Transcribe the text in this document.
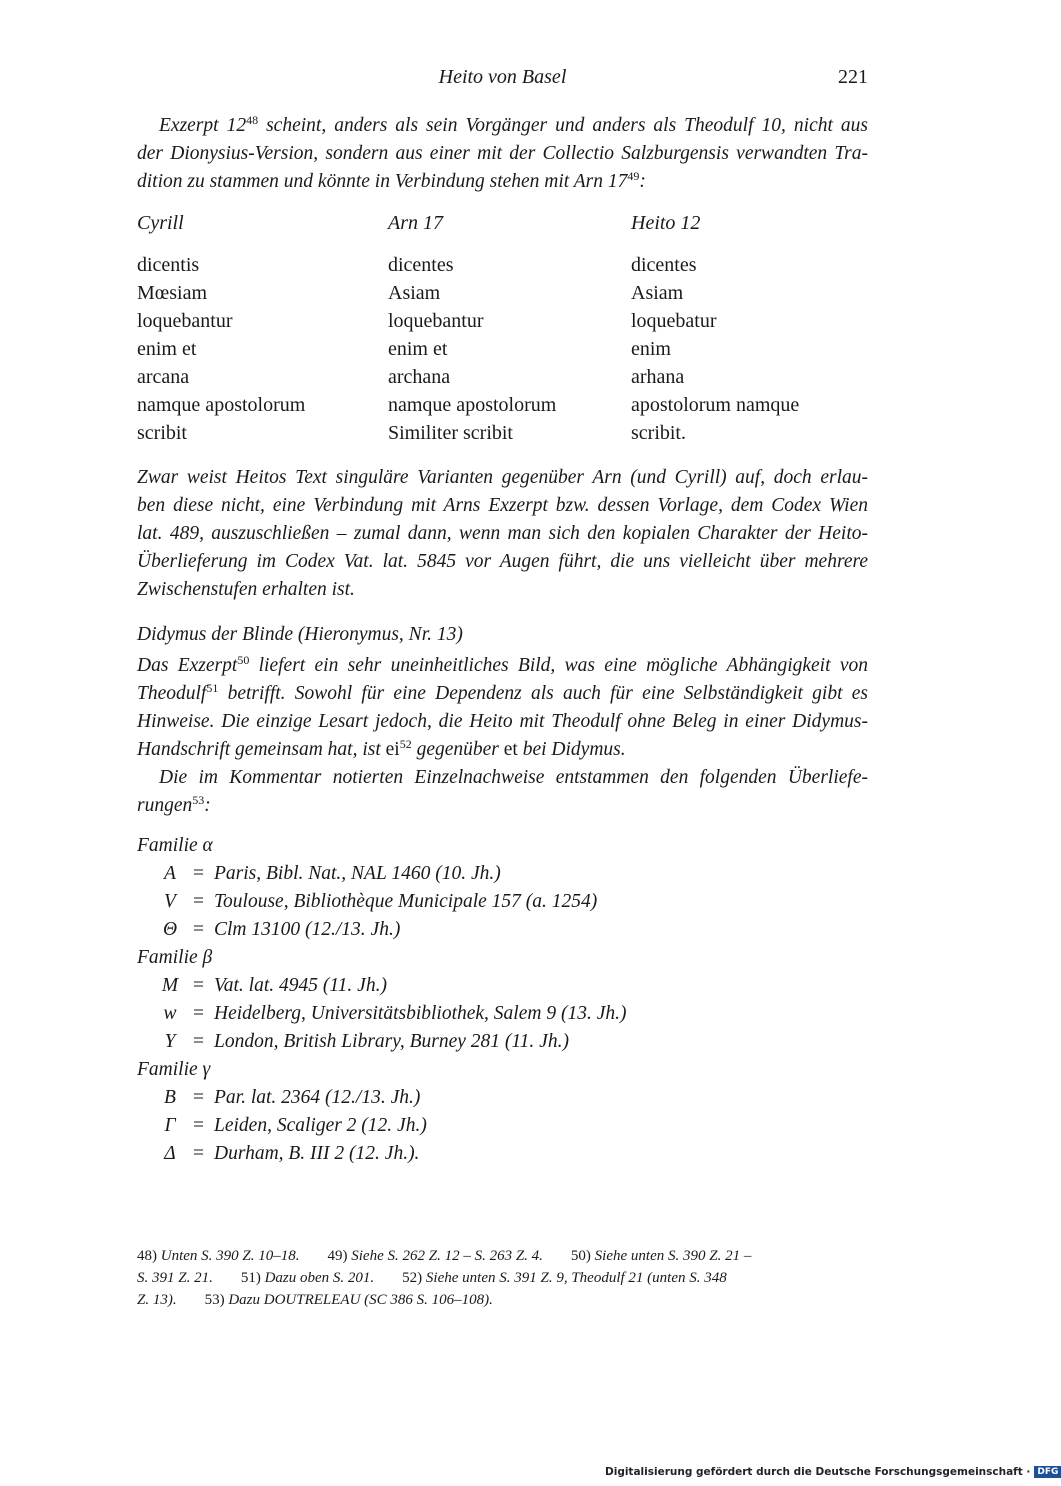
Heito von Basel	221
Exzerpt $12^{48}$ scheint, anders als sein Vorgänger und anders als Theodulf 10, nicht aus
der Dionysius-Version, sondern aus einer mit der Collectio Salzburgensis verwandten Tra-
dition zu stammen und könnte in Verbindung stehen mit Arn $17^{49}$:
Cyrill	Arn 17	Heito 12
dicentis	dicentes	dicentes
Mœsiam	Asiam	Asiam
loquebantur	loquebantur	loquebatur
enim et	enim et	enim
arcana	archana	arhana
namque apostolorum	namque apostolorum	apostolorum namque
scribit	Similiter scribit	scribit.
Zwar weist Heitos Text singuläre Varianten gegenüber Arn (und Cyrill) auf, doch erlau-
ben diese nicht, eine Verbindung mit Arns Exzerpt bzw. dessen Vorlage, dem Codex Wien
lat. 489, auszuschließen – zumal dann, wenn man sich den kopialen Charakter der Heito-
Überlieferung im Codex Vat. lat. 5845 vor Augen führt, die uns vielleicht über mehrere
Zwischenstufen erhalten ist.
Didymus der Blinde (Hieronymus, Nr. 13)
Das Exzerpt$^{50}$ liefert ein sehr uneinheitliches Bild, was eine mögliche Abhängigkeit von
Theodulf$^{51}$ betrifft. Sowohl für eine Dependenz als auch für eine Selbständigkeit gibt es
Hinweise. Die einzige Lesart jedoch, die Heito mit Theodulf ohne Beleg in einer Didymus-
Handschrift gemeinsam hat, ist $ei^{52}$ gegenüber et bei Didymus.
Die im Kommentar notierten Einzelnachweise entstammen den folgenden Überliefe-
rungen$^{53}$:
Familie α
A = Paris, Bibl. Nat., NAL 1460 (10. Jh.)
V = Toulouse, Bibliothèque Municipale 157 (a. 1254)
Θ = Clm 13100 (12./13. Jh.)
Familie β
M = Vat. lat. 4945 (11. Jh.)
w = Heidelberg, Universitätsbibliothek, Salem 9 (13. Jh.)
Y = London, British Library, Burney 281 (11. Jh.)
Familie γ
B = Par. lat. 2364 (12./13. Jh.)
Γ = Leiden, Scaliger 2 (12. Jh.)
Δ = Durham, B. III 2 (12. Jh.).
48) Unten S. 390 Z. 10–18. 49) Siehe S. 262 Z. 12 – S. 263 Z. 4. 50) Siehe unten S. 390 Z. 21 –
S. 391 Z. 21. 51) Dazu oben S. 201. 52) Siehe unten S. 391 Z. 9, Theodulf 21 (unten S. 348
Z. 13). 53) Dazu DOUTRELEAU (SC 386 S. 106–108).
Digitalisierung gefördert durch die Deutsche Forschungsgemeinschaft · DFG
